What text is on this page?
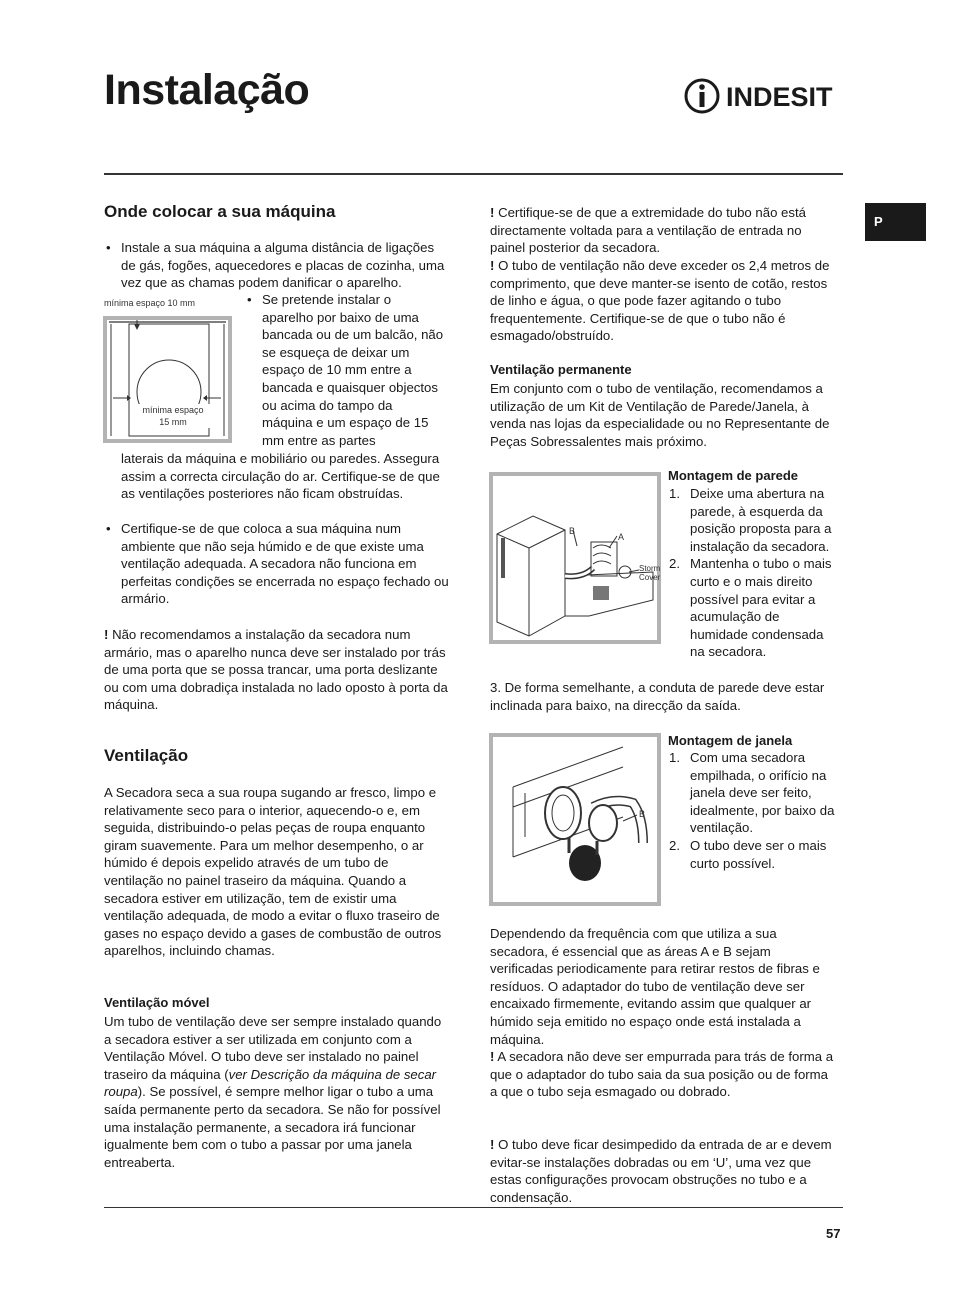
Instalação	INDESIT
P
Onde colocar a sua máquina

• Instale a sua máquina a alguma distância de ligações de gás, fogões, aquecedores e placas de cozinha, uma vez que as chamas podem danificar o aparelho.

mínima espaço 10 mm
mínima espaço
15 mm

• Se pretende instalar o aparelho por baixo de uma bancada ou de um balcão, não se esqueça de deixar um espaço de 10 mm entre a bancada e quaisquer objectos ou acima do tampo da máquina e um espaço de 15 mm entre as partes

laterais da máquina e mobiliário ou paredes. Assegura assim a correcta circulação do ar. Certifique-se de que as ventilações posteriores não ficam obstruídas.

• Certifique-se de que coloca a sua máquina num ambiente que não seja húmido e de que existe uma ventilação adequada. A secadora não funciona em perfeitas condições se encerrada no espaço fechado ou armário.

! Não recomendamos a instalação da secadora num armário, mas o aparelho nunca deve ser instalado por trás de uma porta que se possa trancar, uma porta deslizante ou com uma dobradiça instalada no lado oposto à porta da máquina.

Ventilação

A Secadora seca a sua roupa sugando ar fresco, limpo e relativamente seco para o interior, aquecendo-o e, em seguida, distribuindo-o pelas peças de roupa enquanto giram suavemente. Para um melhor desempenho, o ar húmido é depois expelido através de um tubo de ventilação no painel traseiro da máquina. Quando a secadora estiver em utilização, tem de existir uma ventilação adequada, de modo a evitar o fluxo traseiro de gases no espaço devido a gases de combustão de outros aparelhos, incluindo chamas.

Ventilação móvel

Um tubo de ventilação deve ser sempre instalado quando a secadora estiver a ser utilizada em conjunto com a Ventilação Móvel. O tubo deve ser instalado no painel traseiro da máquina (ver Descrição da máquina de secar roupa). Se possível, é sempre melhor ligar o tubo a uma saída permanente perto da secadora. Se não for possível uma instalação permanente, a secadora irá funcionar igualmente bem com o tubo a passar por uma janela entreaberta.

! Certifique-se de que a extremidade do tubo não está directamente voltada para a ventilação de entrada no painel posterior da secadora.

! O tubo de ventilação não deve exceder os 2,4 metros de comprimento, que deve manter-se isento de cotão, restos de linho e água, o que pode fazer agitando o tubo frequentemente. Certifique-se de que o tubo não é esmagado/obstruído.

Ventilação permanente

Em conjunto com o tubo de ventilação, recomendamos a utilização de um Kit de Ventilação de Parede/Janela, à venda nas lojas da especialidade ou no Representante de Peças Sobressalentes mais próximo.

B
A
Storm
Cover
Montagem de parede
1. Deixe uma abertura na parede, à esquerda da posição proposta para a instalação da secadora.
2. Mantenha o tubo o mais curto e o mais direito possível para evitar a acumulação de humidade condensada na secadora.

3. De forma semelhante, a conduta de parede deve estar inclinada para baixo, na direcção da saída.

B
Montagem de janela
1. Com uma secadora empilhada, o orifício na janela deve ser feito, idealmente, por baixo da ventilação.
2. O tubo deve ser o mais curto possível.

Dependendo da frequência com que utiliza a sua secadora, é essencial que as áreas A e B sejam verificadas periodicamente para retirar restos de fibras e resíduos. O adaptador do tubo de ventilação deve ser encaixado firmemente, evitando assim que qualquer ar húmido seja emitido no espaço onde está instalada a máquina.

! A secadora não deve ser empurrada para trás de forma a que o adaptador do tubo saia da sua posição ou de forma a que o tubo seja esmagado ou dobrado.

! O tubo deve ficar desimpedido da entrada de ar e devem evitar-se instalações dobradas ou em ‘U’, uma vez que estas configurações provocam obstruções no tubo e a condensação.

57
